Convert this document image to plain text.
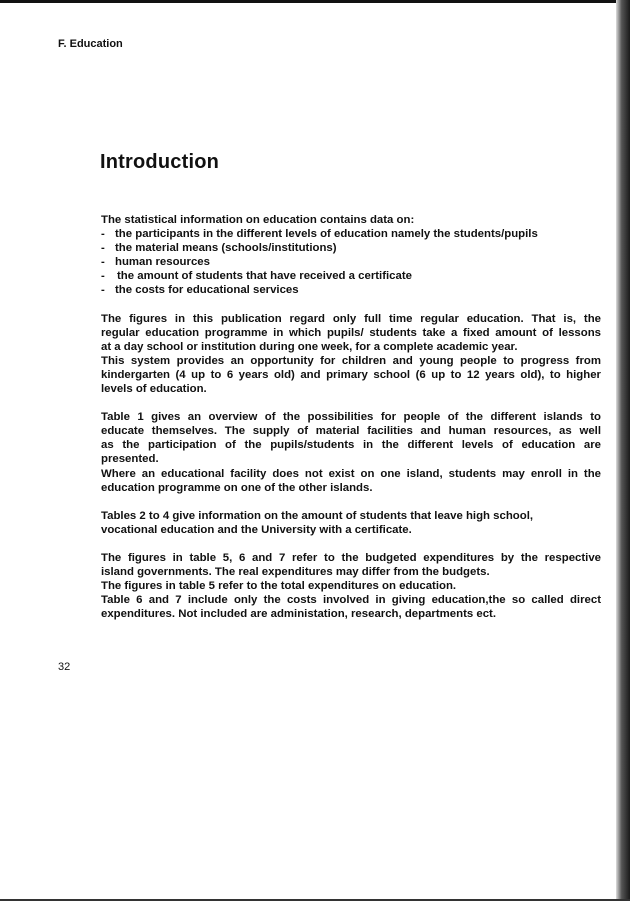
F. Education
Introduction
The statistical information on education contains data on:
- the participants in the different levels of education namely the students/pupils
- the material means (schools/institutions)
- human resources
- the amount of students that have received a certificate
- the costs for educational services
The figures in this publication regard only full time regular education. That is, the
regular education programme in which pupils/ students take a fixed amount of lessons
at a day school or institution during one week, for a complete academic year.
This system provides an opportunity for children and young people to progress from
kindergarten (4 up to 6 years old) and primary school (6 up to 12 years old), to higher
levels of education.
Table 1 gives an overview of the possibilities for people of the different islands to
educate themselves. The supply of material facilities and human resources, as well
as the participation of the pupils/students in the different levels of education are
presented.
Where an educational facility does not exist on one island, students may enroll in the
education programme on one of the other islands.
Tables 2 to 4 give information on the amount of students that leave high school,
vocational education and the University with a certificate.
The figures in table 5, 6 and 7 refer to the budgeted expenditures by the respective
island governments. The real expenditures may differ from the budgets.
The figures in table 5 refer to the total expenditures on education.
Table 6 and 7 include only the costs involved in giving education,the so called direct
expenditures. Not included are administation, research, departments ect.
32
